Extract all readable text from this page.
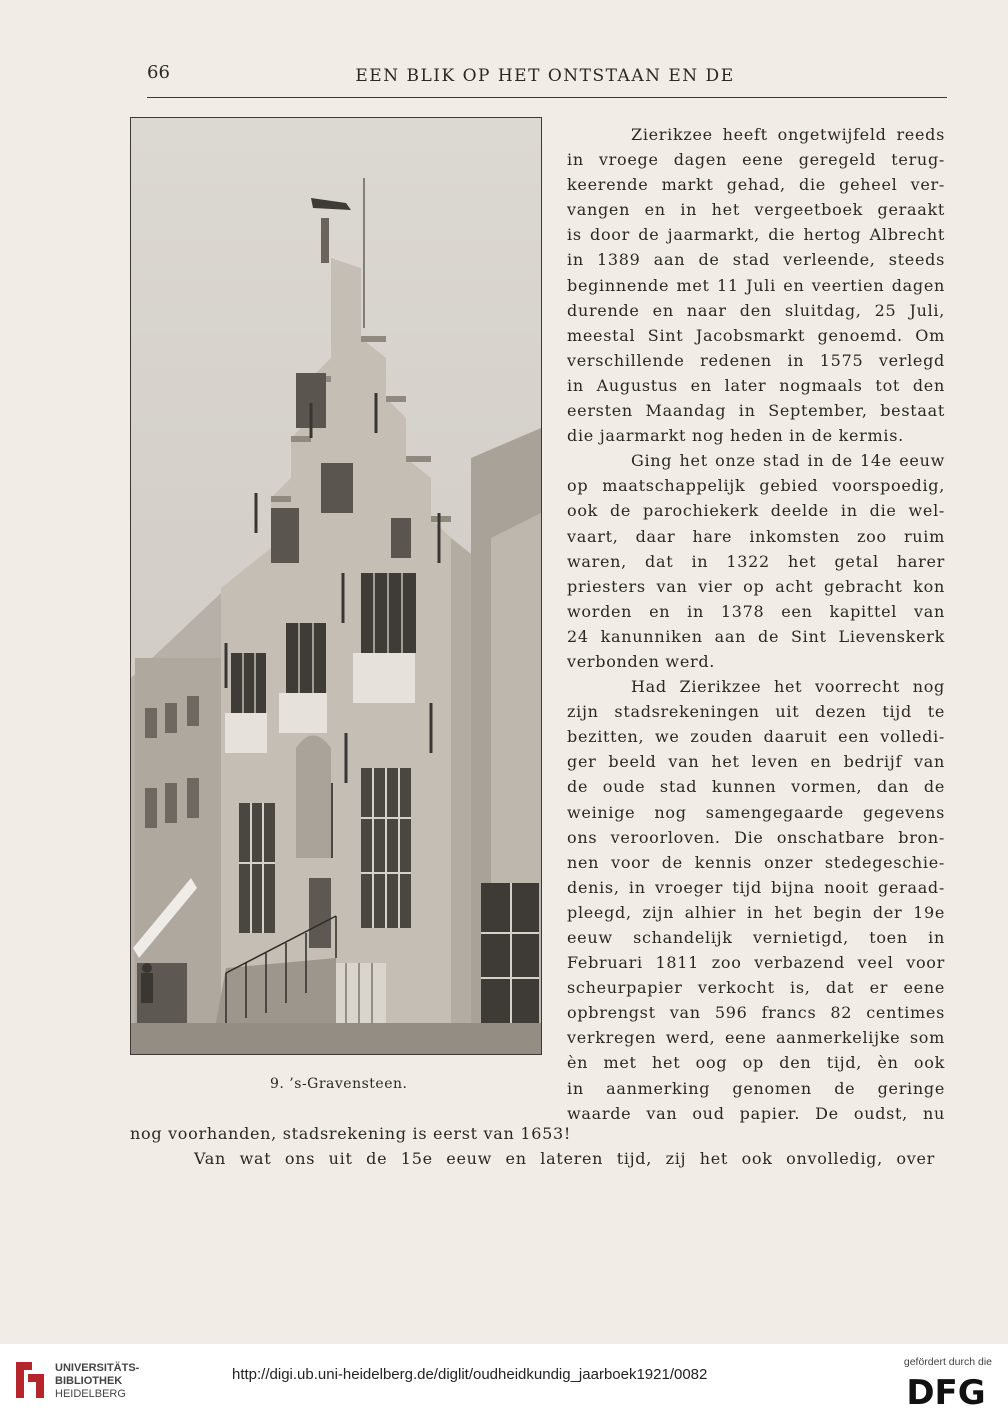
66	EEN BLIK OP HET ONTSTAAN EN DE
9. ’s-Gravensteen.

Zierikzee heeft ongetwijfeld reeds

in vroege dagen eene geregeld terug-

keerende markt gehad, die geheel ver-

vangen en in het vergeetboek geraakt

is door de jaarmarkt, die hertog Albrecht

in 1389 aan de stad verleende, steeds

beginnende met 11 Juli en veertien dagen

durende en naar den sluitdag, 25 Juli,

meestal Sint Jacobsmarkt genoemd. Om

verschillende redenen in 1575 verlegd

in Augustus en later nogmaals tot den

eersten Maandag in September, bestaat

die jaarmarkt nog heden in de kermis.

Ging het onze stad in de 14e eeuw

op maatschappelijk gebied voorspoedig,

ook de parochiekerk deelde in die wel-

vaart, daar hare inkomsten zoo ruim

waren, dat in 1322 het getal harer

priesters van vier op acht gebracht kon

worden en in 1378 een kapittel van

24 kanunniken aan de Sint Lievenskerk

verbonden werd.

Had Zierikzee het voorrecht nog

zijn stadsrekeningen uit dezen tijd te

bezitten, we zouden daaruit een volledi-

ger beeld van het leven en bedrijf van

de oude stad kunnen vormen, dan de

weinige nog samengegaarde gegevens

ons veroorloven. Die onschatbare bron-

nen voor de kennis onzer stedegeschie-

denis, in vroeger tijd bijna nooit geraad-

pleegd, zijn alhier in het begin der 19e

eeuw schandelijk vernietigd, toen in

Februari 1811 zoo verbazend veel voor

scheurpapier verkocht is, dat er eene

opbrengst van 596 francs 82 centimes

verkregen werd, eene aanmerkelijke som

èn met het oog op den tijd, èn ook

in aanmerking genomen de geringe

waarde van oud papier. De oudst, nu

nog voorhanden, stadsrekening is eerst van 1653!

Van wat ons uit de 15e eeuw en lateren tijd, zij het ook onvolledig, over

UNIVERSITÄTS-
BIBLIOTHEK
HEIDELBERG
http://digi.ub.uni-heidelberg.de/diglit/oudheidkundig_jaarboek1921/0082
gefördert durch die
DFG
